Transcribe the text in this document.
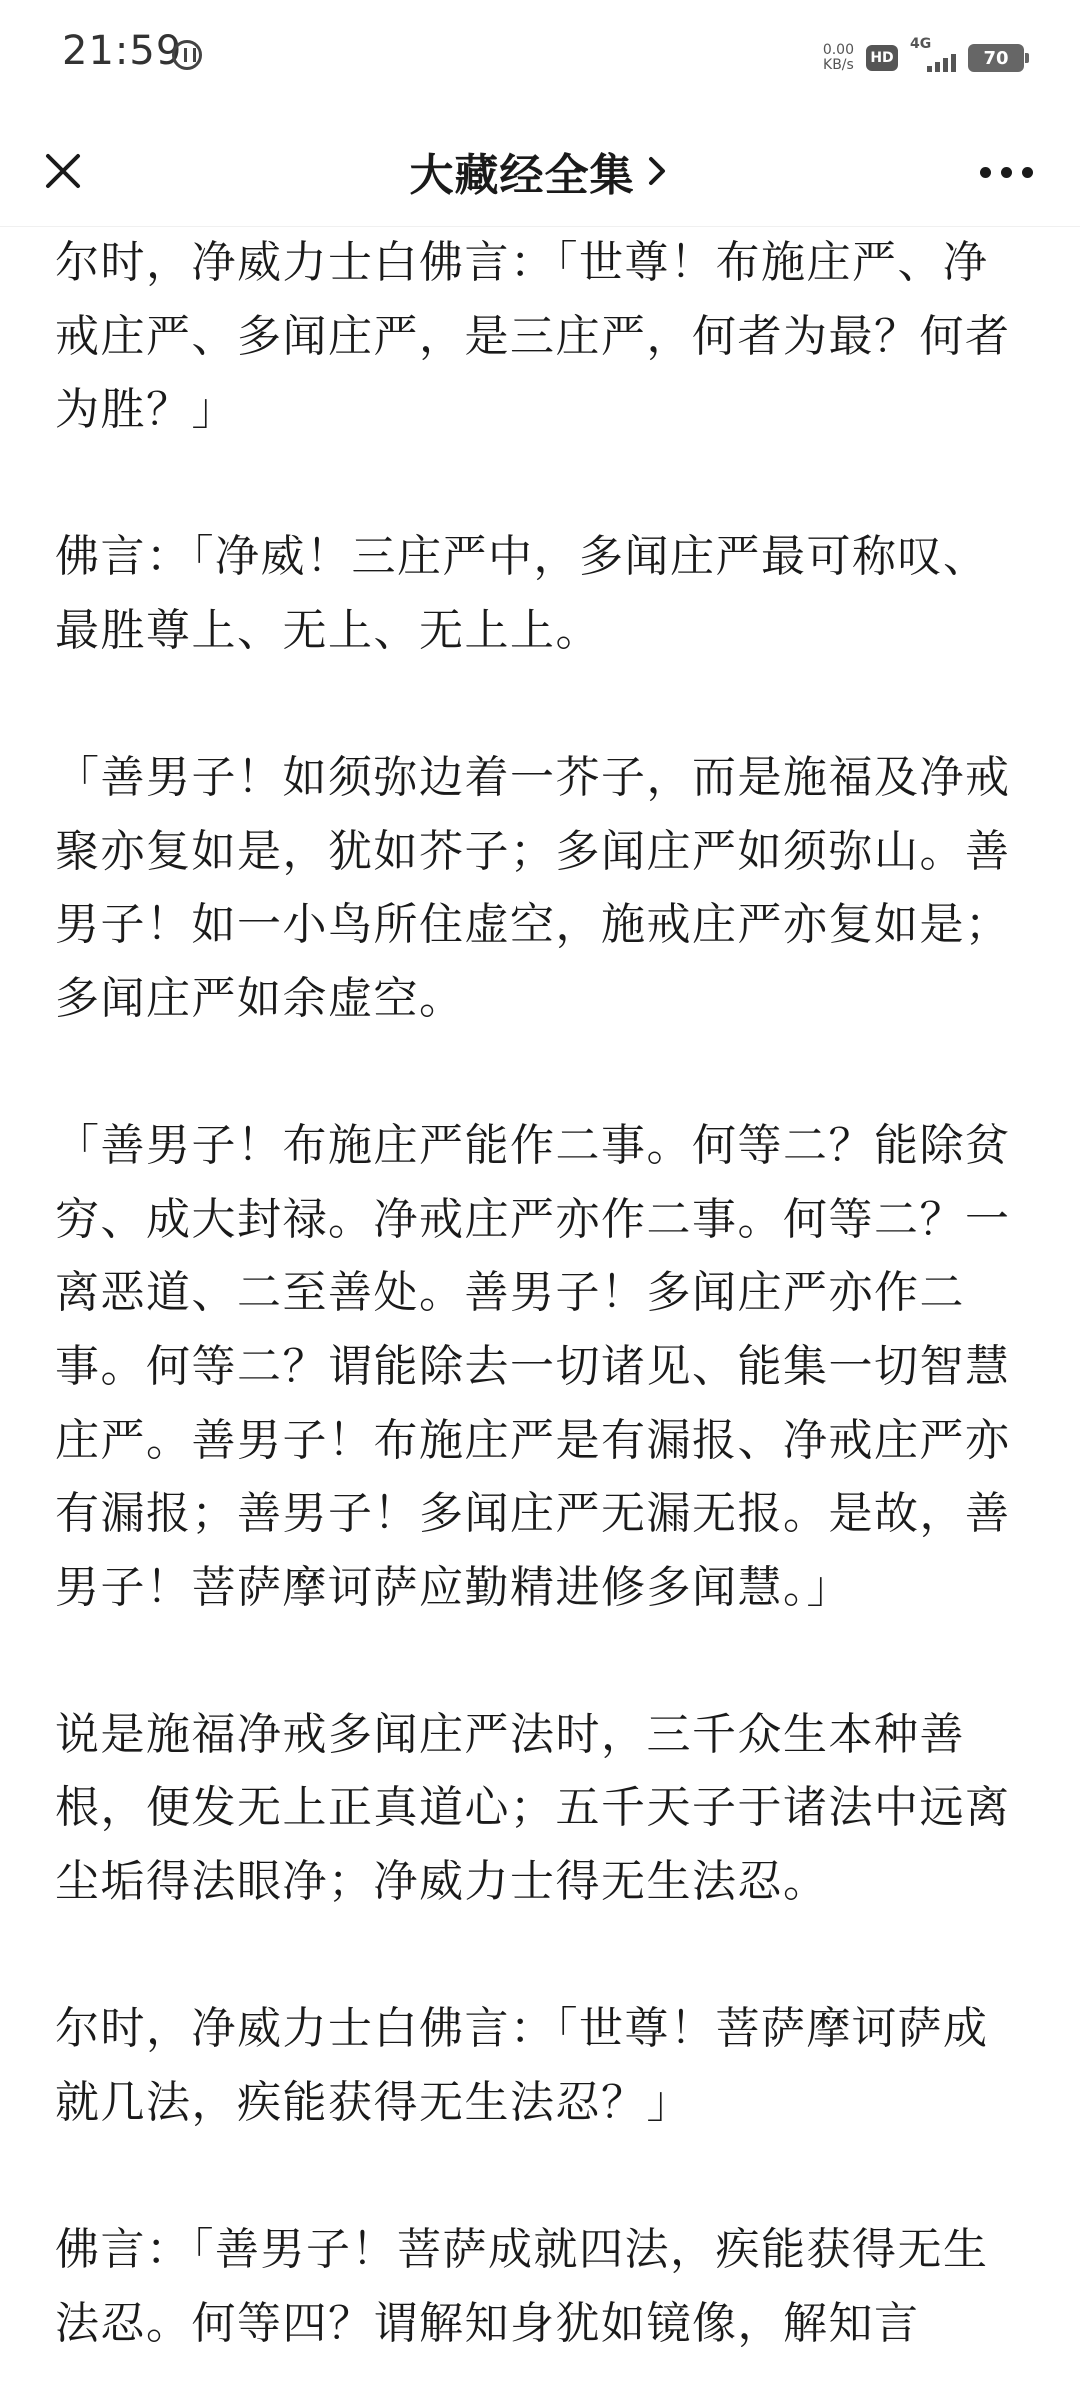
21:59	0.00
KB/s	HD
4G
70
大藏经全集

尔时，净威力士白佛言：「世尊！布施庄严、净戒庄严、多闻庄严，是三庄严，何者为最？何者为胜？」

佛言：「净威！三庄严中，多闻庄严最可称叹、最胜尊上、无上、无上上。

「善男子！如须弥边着一芥子，而是施福及净戒聚亦复如是，犹如芥子；多闻庄严如须弥山。善男子！如一小鸟所住虚空，施戒庄严亦复如是；多闻庄严如余虚空。

「善男子！布施庄严能作二事。何等二？能除贫穷、成大封禄。净戒庄严亦作二事。何等二？一离恶道、二至善处。善男子！多闻庄严亦作二事。何等二？谓能除去一切诸见、能集一切智慧庄严。善男子！布施庄严是有漏报、净戒庄严亦有漏报；善男子！多闻庄严无漏无报。是故，善男子！菩萨摩诃萨应勤精进修多闻慧。」

说是施福净戒多闻庄严法时，三千众生本种善根，便发无上正真道心；五千天子于诸法中远离尘垢得法眼净；净威力士得无生法忍。

尔时，净威力士白佛言：「世尊！菩萨摩诃萨成就几法，疾能获得无生法忍？」

佛言：「善男子！菩萨成就四法，疾能获得无生法忍。何等四？谓解知身犹如镜像，解知言
